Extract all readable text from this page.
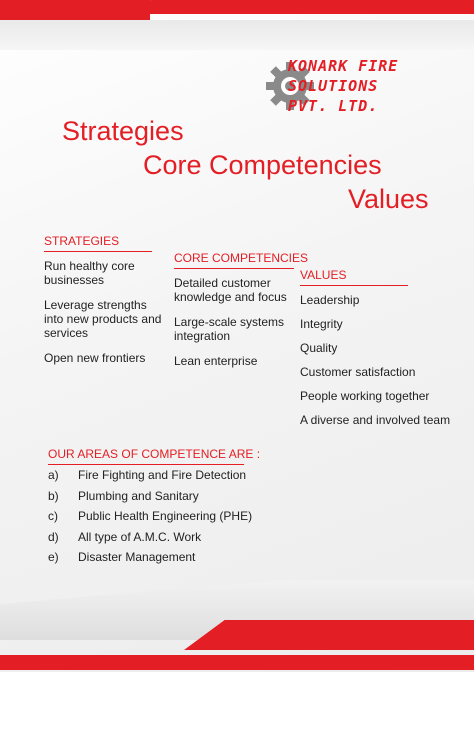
KONARK FIRE
SOLUTIONS
PVT. LTD.
Strategies
Core Competencies
Values
STRATEGIES
Run healthy core businesses
Leverage strengths into new products and services
Open new frontiers
CORE COMPETENCIES
Detailed customer knowledge and focus
Large-scale systems integration
Lean enterprise
VALUES
Leadership
Integrity
Quality
Customer satisfaction
People working together
A diverse and involved team
OUR AREAS OF COMPETENCE ARE :
a)	Fire Fighting and Fire Detection
b)	Plumbing and Sanitary
c)	Public Health Engineering (PHE)
d)	All type of A.M.C. Work
e)	Disaster Management
